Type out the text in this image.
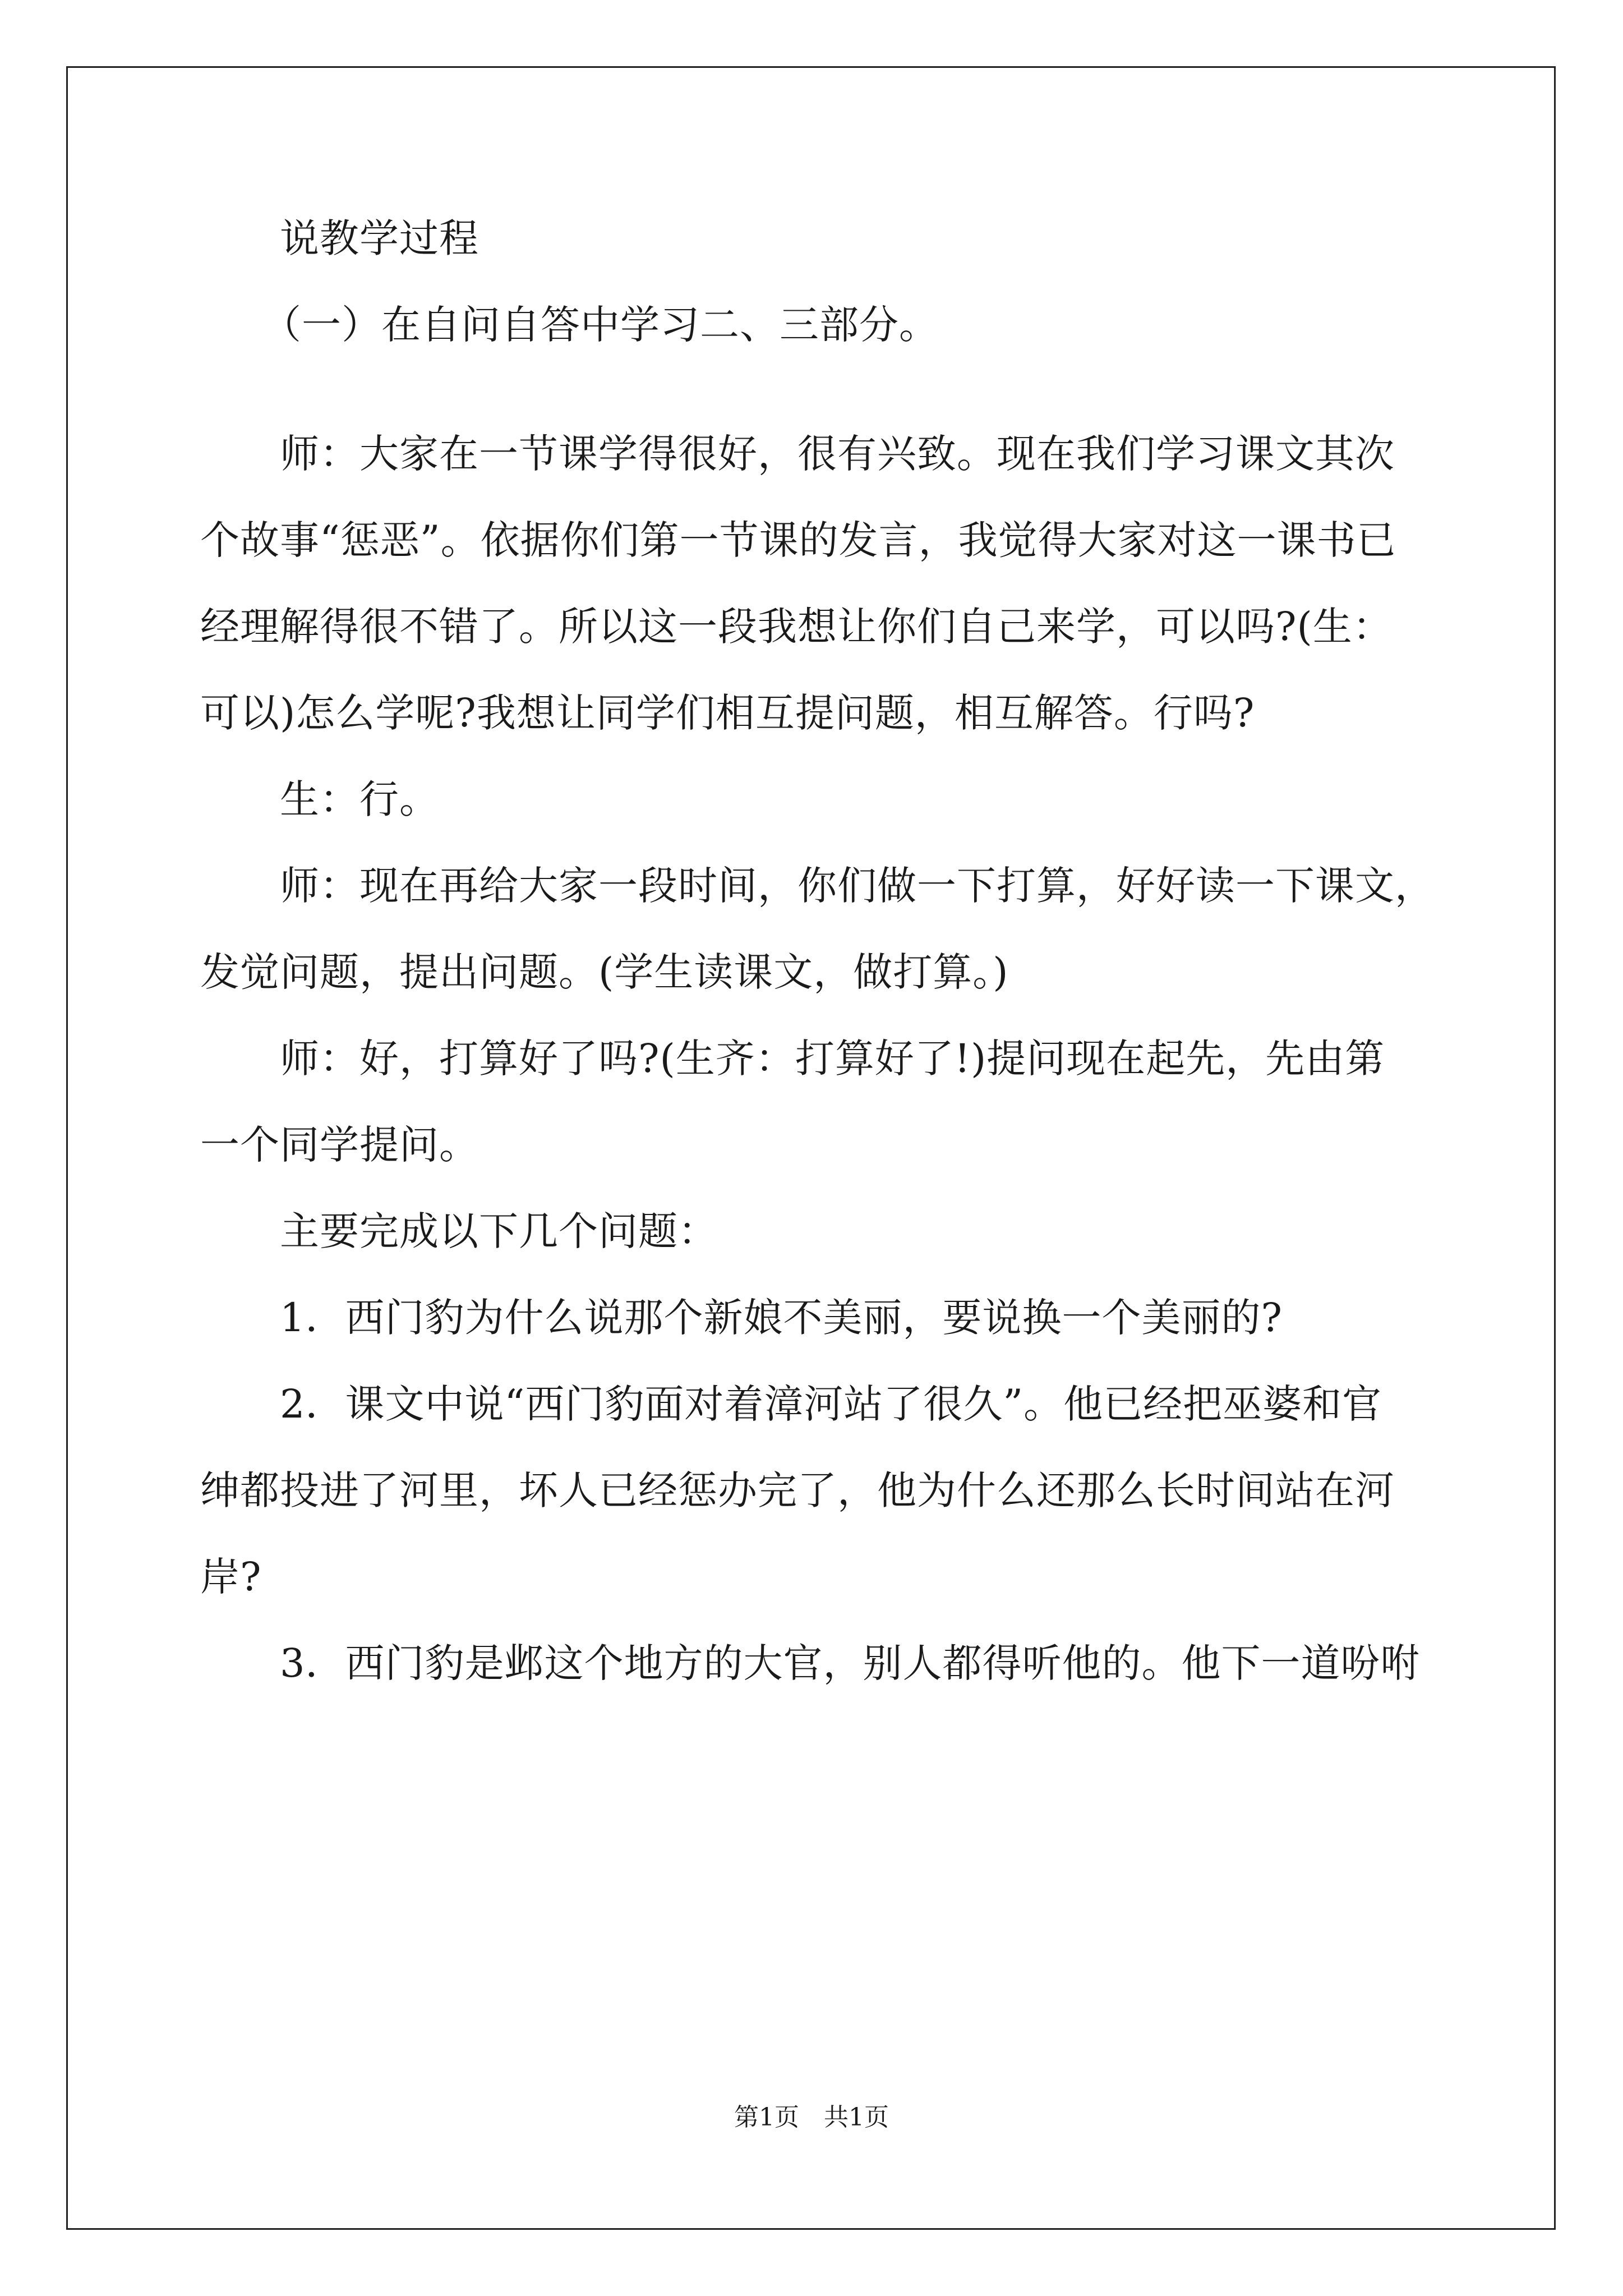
说教学过程
（一）在自问自答中学习二、三部分。
师：大家在一节课学得很好，很有兴致。现在我们学习课文其次
个故事“惩恶”。依据你们第一节课的发言，我觉得大家对这一课书已
经理解得很不错了。所以这一段我想让你们自己来学，可以吗?(生：
可以)怎么学呢?我想让同学们相互提问题，相互解答。行吗?
生：行。
师：现在再给大家一段时间，你们做一下打算，好好读一下课文，
发觉问题，提出问题。(学生读课文，做打算。)
师：好，打算好了吗?(生齐：打算好了!)提问现在起先，先由第
一个同学提问。
主要完成以下几个问题：
1．西门豹为什么说那个新娘不美丽，要说换一个美丽的?
2．课文中说“西门豹面对着漳河站了很久”。他已经把巫婆和官
绅都投进了河里，坏人已经惩办完了，他为什么还那么长时间站在河
岸?
3．西门豹是邺这个地方的大官，别人都得听他的。他下一道吩咐
第1页　共1页
